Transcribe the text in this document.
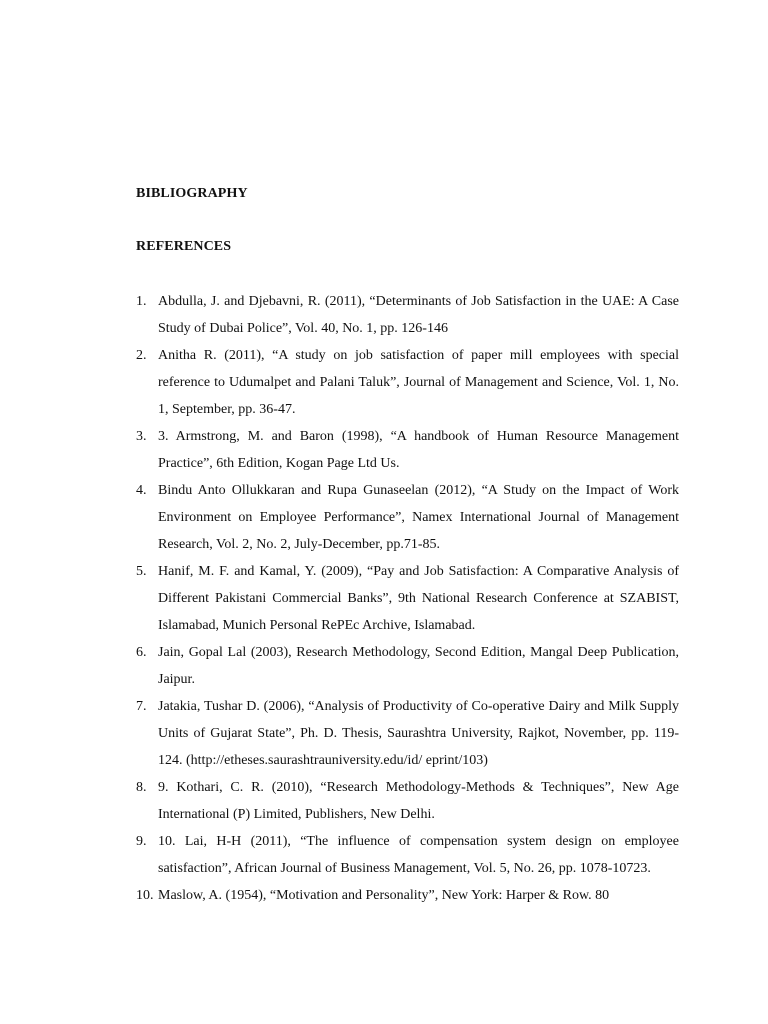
BIBLIOGRAPHY
REFERENCES
1. Abdulla, J. and Djebavni, R. (2011), “Determinants of Job Satisfaction in the UAE: A Case Study of Dubai Police”, Vol. 40, No. 1, pp. 126-146
2. Anitha R. (2011), “A study on job satisfaction of paper mill employees with special reference to Udumalpet and Palani Taluk”, Journal of Management and Science, Vol. 1, No. 1, September, pp. 36-47.
3. 3. Armstrong, M. and Baron (1998), “A handbook of Human Resource Management Practice”, 6th Edition, Kogan Page Ltd Us.
4. Bindu Anto Ollukkaran and Rupa Gunaseelan (2012), “A Study on the Impact of Work Environment on Employee Performance”, Namex International Journal of Management Research, Vol. 2, No. 2, July-December, pp.71-85.
5. Hanif, M. F. and Kamal, Y. (2009), “Pay and Job Satisfaction: A Comparative Analysis of Different Pakistani Commercial Banks”, 9th National Research Conference at SZABIST, Islamabad, Munich Personal RePEc Archive, Islamabad.
6. Jain, Gopal Lal (2003), Research Methodology, Second Edition, Mangal Deep Publication, Jaipur.
7. Jatakia, Tushar D. (2006), “Analysis of Productivity of Co-operative Dairy and Milk Supply Units of Gujarat State”, Ph. D. Thesis, Saurashtra University, Rajkot, November, pp. 119-124. (http://etheses.saurashtrauniversity.edu/id/ eprint/103)
8. 9. Kothari, C. R. (2010), “Research Methodology-Methods & Techniques”, New Age International (P) Limited, Publishers, New Delhi.
9. 10. Lai, H-H (2011), “The influence of compensation system design on employee satisfaction”, African Journal of Business Management, Vol. 5, No. 26, pp. 1078-10723.
10. Maslow, A. (1954), “Motivation and Personality”, New York: Harper & Row. 80
